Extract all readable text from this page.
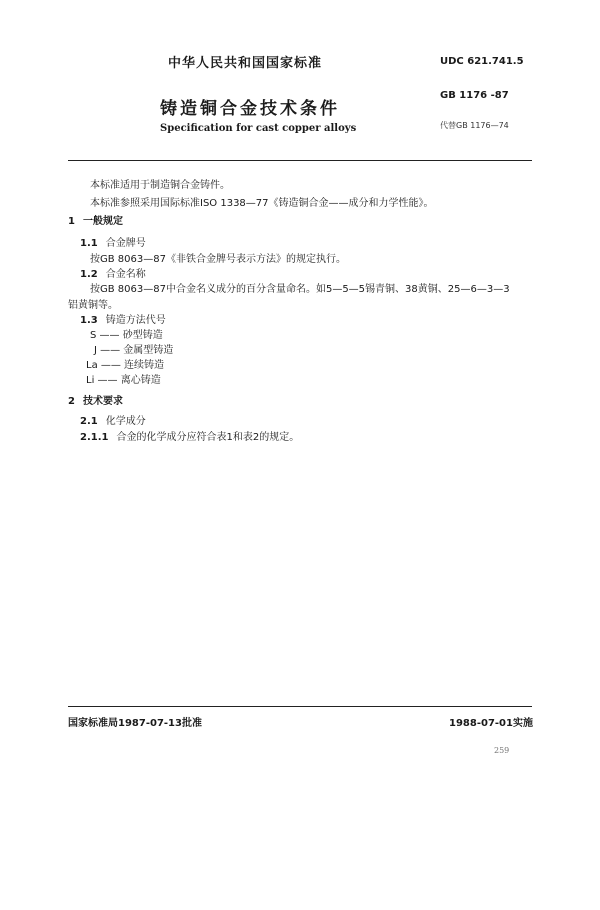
中华人民共和国国家标准	UDC 621.741.5
铸造铜合金技术条件
GB 1176 -87
Specification for cast copper alloys	代替GB 1176—74
本标准适用于制造铜合金铸件。
本标准参照采用国际标准ISO 1338—77《铸造铜合金——成分和力学性能》。
1 一般规定
1.1 合金牌号
按GB 8063—87《非铁合金牌号表示方法》的规定执行。
1.2 合金名称
按GB 8063—87中合金名义成分的百分含量命名。如5—5—5锡青铜、38黄铜、25—6—3—3
铝黄铜等。
1.3 铸造方法代号
S —— 砂型铸造
J —— 金属型铸造
La —— 连续铸造
Li —— 离心铸造
2 技术要求
2.1 化学成分
2.1.1 合金的化学成分应符合表1和表2的规定。
国家标准局1987-07-13批准	1988-07-01实施
259
